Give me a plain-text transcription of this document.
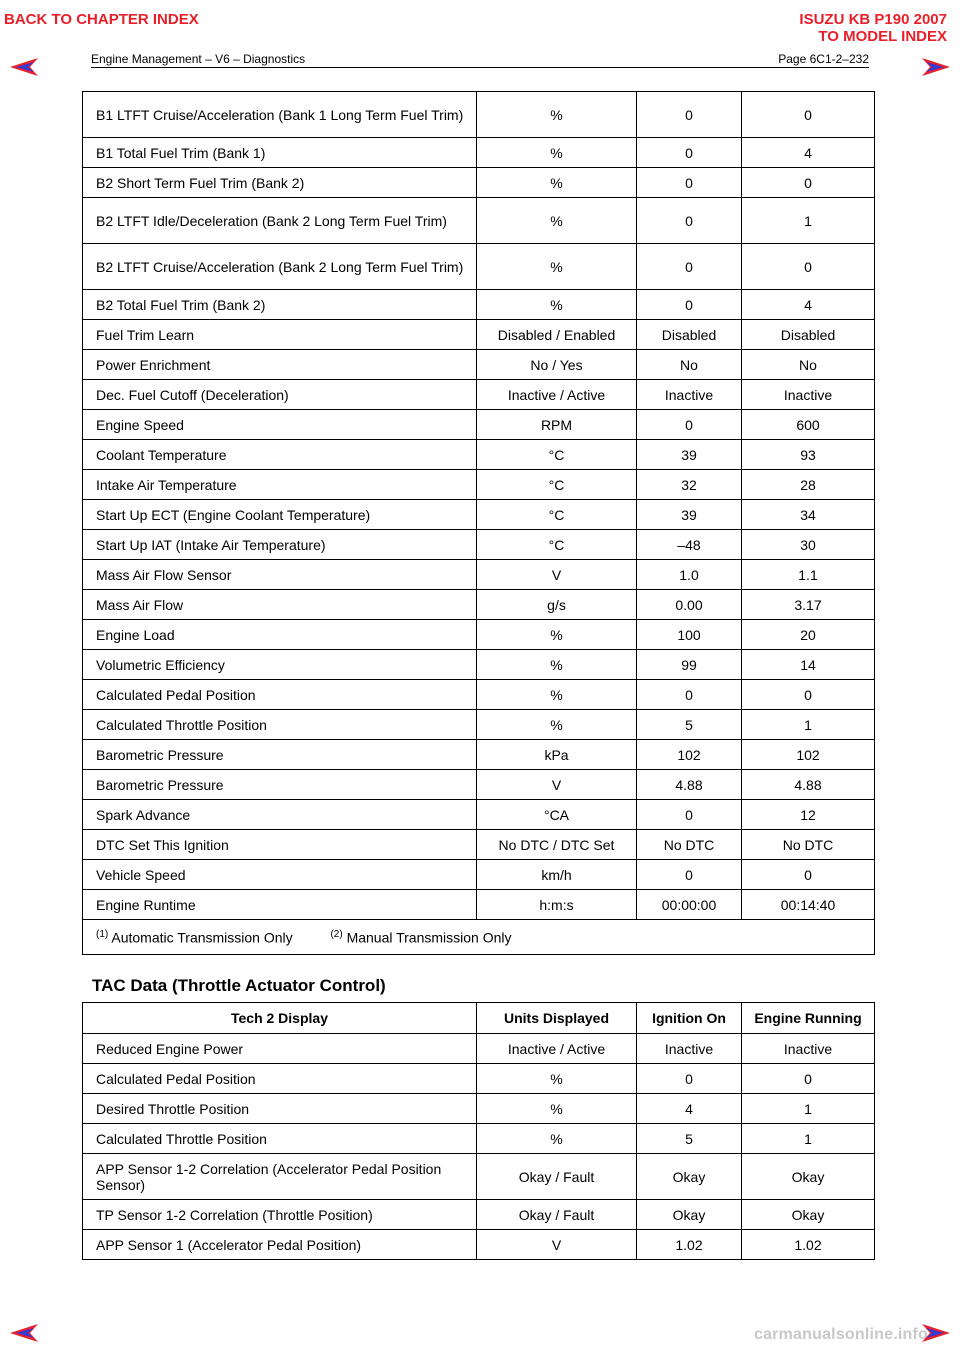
BACK TO CHAPTER INDEX	ISUZU KB P190 2007
TO MODEL INDEX
Engine Management – V6 – Diagnostics	Page 6C1-2–232
B1 LTFT Cruise/Acceleration (Bank 1 Long Term Fuel Trim)	%	0	0
B1 Total Fuel Trim (Bank 1)	%	0	4
B2 Short Term Fuel Trim (Bank 2)	%	0	0
B2 LTFT Idle/Deceleration (Bank 2 Long Term Fuel Trim)	%	0	1
B2 LTFT Cruise/Acceleration (Bank 2 Long Term Fuel Trim)	%	0	0
B2 Total Fuel Trim (Bank 2)	%	0	4
Fuel Trim Learn	Disabled / Enabled	Disabled	Disabled
Power Enrichment	No / Yes	No	No
Dec. Fuel Cutoff (Deceleration)	Inactive / Active	Inactive	Inactive
Engine Speed	RPM	0	600
Coolant Temperature	°C	39	93
Intake Air Temperature	°C	32	28
Start Up ECT (Engine Coolant Temperature)	°C	39	34
Start Up IAT (Intake Air Temperature)	°C	–48	30
Mass Air Flow Sensor	V	1.0	1.1
Mass Air Flow	g/s	0.00	3.17
Engine Load	%	100	20
Volumetric Efficiency	%	99	14
Calculated Pedal Position	%	0	0
Calculated Throttle Position	%	5	1
Barometric Pressure	kPa	102	102
Barometric Pressure	V	4.88	4.88
Spark Advance	°CA	0	12
DTC Set This Ignition	No DTC / DTC Set	No DTC	No DTC
Vehicle Speed	km/h	0	0
Engine Runtime	h:m:s	00:00:00	00:14:40
$^{(1)}$ Automatic Transmission Only $^{(2)}$ Manual Transmission Only			
TAC Data (Throttle Actuator Control)
Tech 2 Display	Units Displayed	Ignition On	Engine Running
Reduced Engine Power	Inactive / Active	Inactive	Inactive
Calculated Pedal Position	%	0	0
Desired Throttle Position	%	4	1
Calculated Throttle Position	%	5	1
APP Sensor 1-2 Correlation (Accelerator Pedal Position Sensor)	Okay / Fault	Okay	Okay
TP Sensor 1-2 Correlation (Throttle Position)	Okay / Fault	Okay	Okay
APP Sensor 1 (Accelerator Pedal Position)	V	1.02	1.02
carmanualsonline.info
